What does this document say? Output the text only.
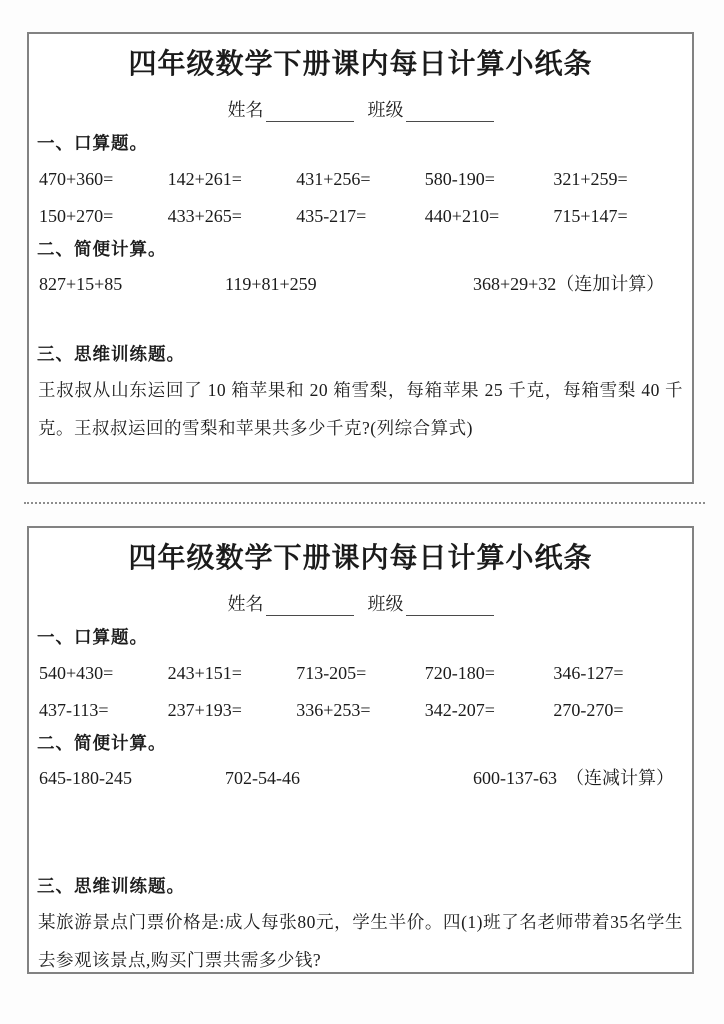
四年级数学下册课内每日计算小纸条
姓名	班级
一、口算题。
470+360=	142+261=	431+256=	580-190=	321+259=
150+270=	433+265=	435-217=	440+210=	715+147=
二、简便计算。
827+15+85	119+81+259	368+29+32（连加计算）
三、思维训练题。

王叔叔从山东运回了 10 箱苹果和 20 箱雪梨，每箱苹果 25 千克，每箱雪梨 40 千克。王叔叔运回的雪梨和苹果共多少千克?(列综合算式)

四年级数学下册课内每日计算小纸条
姓名	班级
一、口算题。
540+430=	243+151=	713-205=	720-180=	346-127=
437-113=	237+193=	336+253=	342-207=	270-270=
二、简便计算。
645-180-245	702-54-46	600-137-63　（连减计算）
三、思维训练题。

某旅游景点门票价格是:成人每张80元，学生半价。四(1)班了名老师带着35名学生去参观该景点,购买门票共需多少钱?
